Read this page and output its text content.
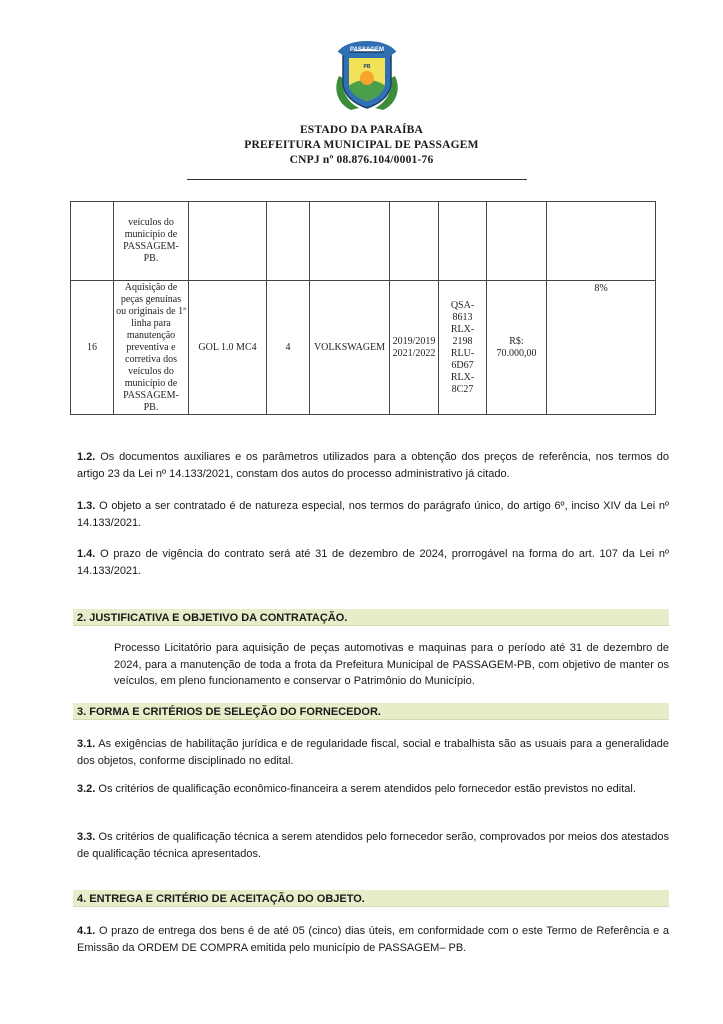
PASSAGEM
PB
ESTADO DA PARAÍBA
PREFEITURA MUNICIPAL DE PASSAGEM
CNPJ nº 08.876.104/0001-76
	veículos do município de PASSAGEM-PB.							
16	Aquisição de peças genuínas ou originais de 1ª linha para manutenção preventiva e corretiva dos veículos do município de PASSAGEM-PB.	GOL 1.0 MC4	4	VOLKSWAGEM	2019/2019 2021/2022	QSA-8613 RLX-2198 RLU-6D67 RLX-8C27	R$: 70.000,00	8%
1.2. Os documentos auxiliares e os parâmetros utilizados para a obtenção dos preços de referência, nos termos do artigo 23 da Lei nº 14.133/2021, constam dos autos do processo administrativo já citado.
1.3. O objeto a ser contratado é de natureza especial, nos termos do parágrafo único, do artigo 6º, inciso XIV da Lei nº 14.133/2021.
1.4. O prazo de vigência do contrato será até 31 de dezembro de 2024, prorrogável na forma do art. 107 da Lei nº 14.133/2021.
2. JUSTIFICATIVA E OBJETIVO DA CONTRATAÇÃO.
Processo Licitatório para aquisição de peças automotivas e maquinas para o período até 31 de dezembro de 2024, para a manutenção de toda a frota da Prefeitura Municipal de PASSAGEM-PB, com objetivo de manter os veículos, em pleno funcionamento e conservar o Patrimônio do Município.
3. FORMA E CRITÉRIOS DE SELEÇÃO DO FORNECEDOR.
3.1. As exigências de habilitação jurídica e de regularidade fiscal, social e trabalhista são as usuais para a generalidade dos objetos, conforme disciplinado no edital.
3.2. Os critérios de qualificação econômico-financeira a serem atendidos pelo fornecedor estão previstos no edital.
3.3. Os critérios de qualificação técnica a serem atendidos pelo fornecedor serão, comprovados por meios dos atestados de qualificação técnica apresentados.
4. ENTREGA E CRITÉRIO DE ACEITAÇÃO DO OBJETO.
4.1. O prazo de entrega dos bens é de até 05 (cinco) dias úteis, em conformidade com o este Termo de Referência e a Emissão da ORDEM DE COMPRA emitida pelo município de PASSAGEM– PB.
